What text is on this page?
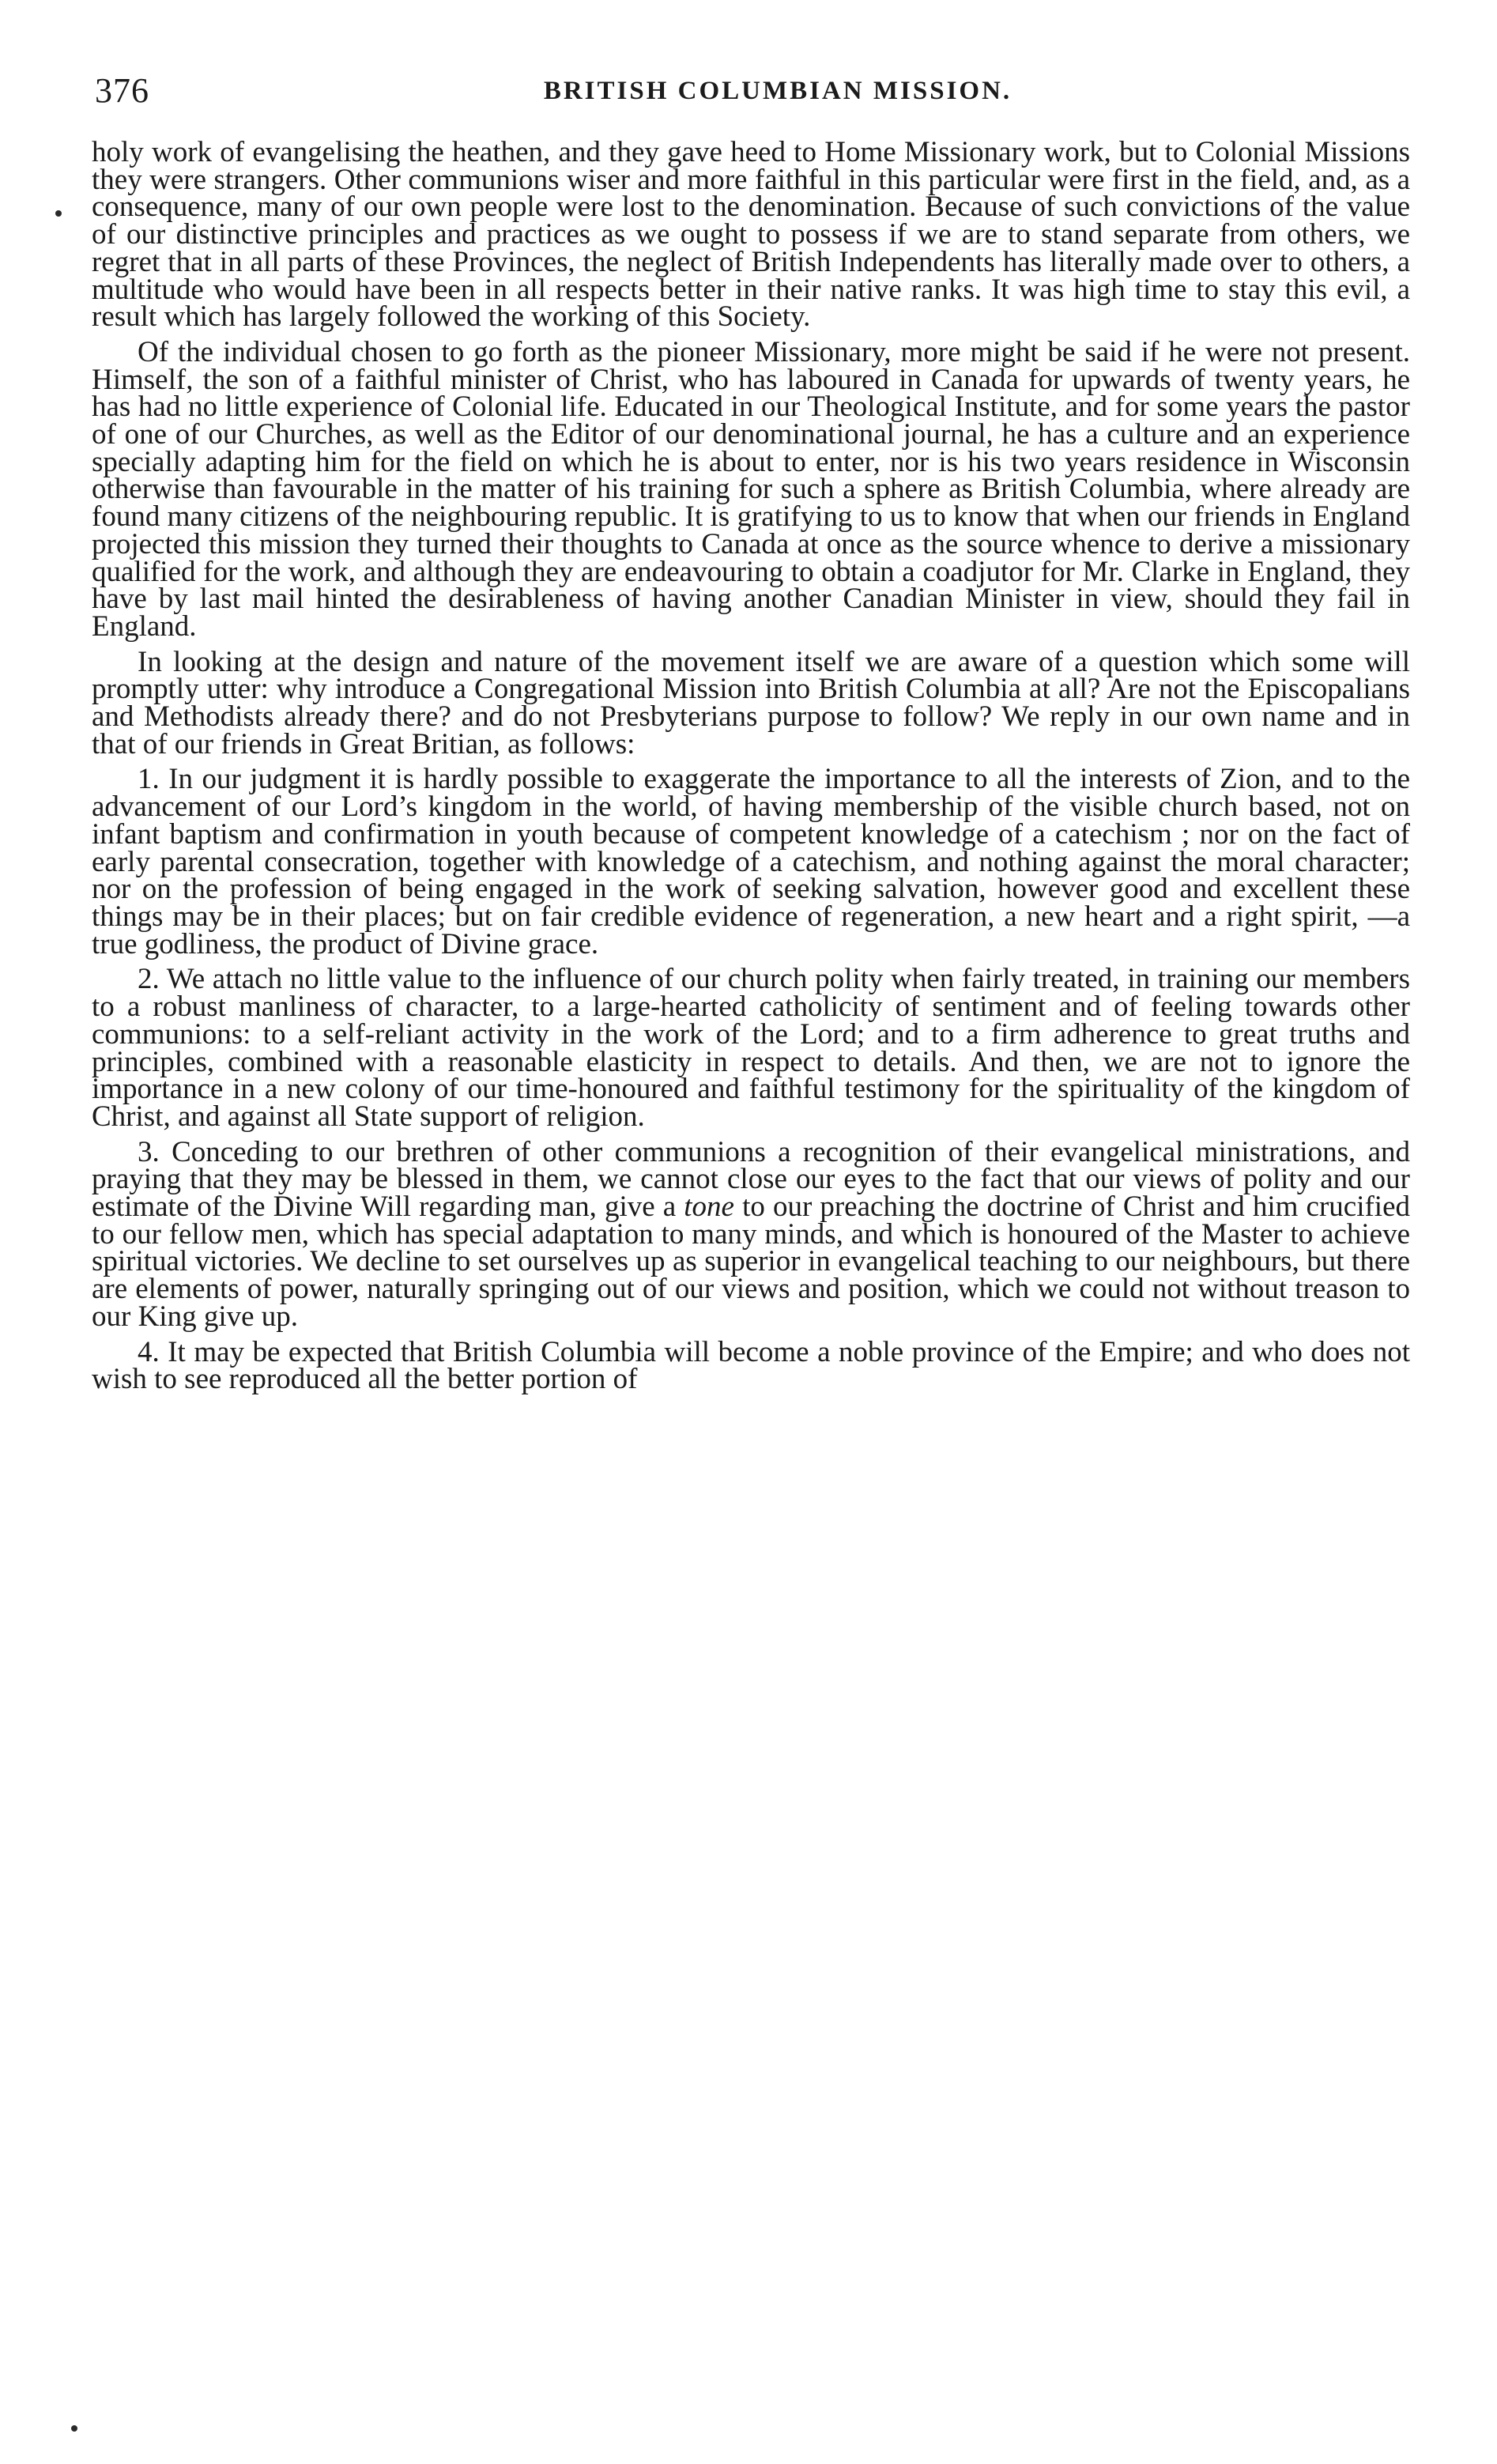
376	BRITISH COLUMBIAN MISSION.

holy work of evangelising the heathen, and they gave heed to Home Missionary work, but to Colonial Missions they were strangers. Other communions wiser and more faithful in this particular were first in the field, and, as a consequence, many of our own people were lost to the denomination. Because of such convictions of the value of our distinctive principles and practices as we ought to possess if we are to stand separate from others, we regret that in all parts of these Provinces, the neglect of British Independents has literally made over to others, a multitude who would have been in all respects better in their native ranks. It was high time to stay this evil, a result which has largely followed the working of this Society.

Of the individual chosen to go forth as the pioneer Missionary, more might be said if he were not present. Himself, the son of a faithful minister of Christ, who has laboured in Canada for upwards of twenty years, he has had no little experience of Colonial life. Educated in our Theological Institute, and for some years the pastor of one of our Churches, as well as the Editor of our denominational journal, he has a culture and an experience specially adapting him for the field on which he is about to enter, nor is his two years residence in Wisconsin otherwise than favourable in the matter of his training for such a sphere as British Columbia, where already are found many citizens of the neighbouring republic. It is gratifying to us to know that when our friends in England projected this mission they turned their thoughts to Canada at once as the source whence to derive a missionary qualified for the work, and although they are endeavouring to obtain a coadjutor for Mr. Clarke in England, they have by last mail hinted the desirableness of having another Canadian Minister in view, should they fail in England.

In looking at the design and nature of the movement itself we are aware of a question which some will promptly utter: why introduce a Congregational Mission into British Columbia at all? Are not the Episcopalians and Methodists already there? and do not Presbyterians purpose to follow? We reply in our own name and in that of our friends in Great Britian, as follows:

1. In our judgment it is hardly possible to exaggerate the importance to all the interests of Zion, and to the advancement of our Lord’s kingdom in the world, of having membership of the visible church based, not on infant baptism and confirmation in youth because of competent knowledge of a catechism ; nor on the fact of early parental consecration, together with knowledge of a catechism, and nothing against the moral character; nor on the profession of being engaged in the work of seeking salvation, however good and excellent these things may be in their places; but on fair credible evidence of regeneration, a new heart and a right spirit, —a true godliness, the product of Divine grace.

2. We attach no little value to the influence of our church polity when fairly treated, in training our members to a robust manliness of character, to a large-hearted catholicity of sentiment and of feeling towards other communions: to a self-reliant activity in the work of the Lord; and to a firm adherence to great truths and principles, combined with a reasonable elasticity in respect to details. And then, we are not to ignore the importance in a new colony of our time-honoured and faithful testimony for the spirituality of the kingdom of Christ, and against all State support of religion.

3. Conceding to our brethren of other communions a recognition of their evangelical ministrations, and praying that they may be blessed in them, we cannot close our eyes to the fact that our views of polity and our estimate of the Divine Will regarding man, give a tone to our preaching the doctrine of Christ and him crucified to our fellow men, which has special adaptation to many minds, and which is honoured of the Master to achieve spiritual victories. We decline to set ourselves up as superior in evangelical teaching to our neighbours, but there are elements of power, naturally springing out of our views and position, which we could not without treason to our King give up.

4. It may be expected that British Columbia will become a noble province of the Empire; and who does not wish to see reproduced all the better portion of
